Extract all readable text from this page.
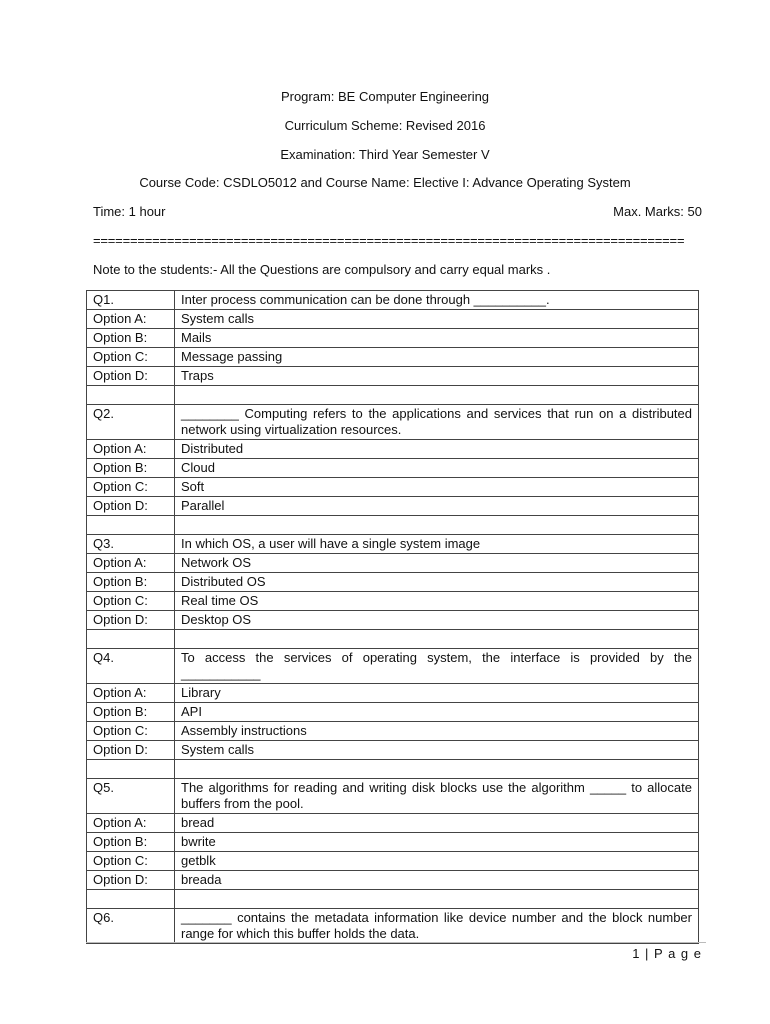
Program: BE Computer Engineering
Curriculum Scheme: Revised 2016
Examination: Third Year Semester V
Course Code: CSDLO5012 and Course Name: Elective I: Advance Operating System
Time: 1 hour	Max. Marks: 50
================================================================================
Note to the students:- All the Questions are compulsory and carry equal marks .
Q1.	Inter process communication can be done through __________.
Option A:	System calls
Option B:	Mails
Option C:	Message passing
Option D:	Traps

Q2.	________ Computing refers to the applications and services that run on a distributed network using virtualization resources.
Option A:	Distributed
Option B:	Cloud
Option C:	Soft
Option D:	Parallel

Q3.	In which OS, a user will have a single system image
Option A:	Network OS
Option B:	Distributed OS
Option C:	Real time OS
Option D:	Desktop OS

Q4.	To access the services of operating system, the interface is provided by the ___________
Option A:	Library
Option B:	API
Option C:	Assembly instructions
Option D:	System calls

Q5.	The algorithms for reading and writing disk blocks use the algorithm _____ to allocate buffers from the pool.
Option A:	bread
Option B:	bwrite
Option C:	getblk
Option D:	breada

Q6.	_______ contains the metadata information like device number and the block number range for which this buffer holds the data.
1 | P a g e
